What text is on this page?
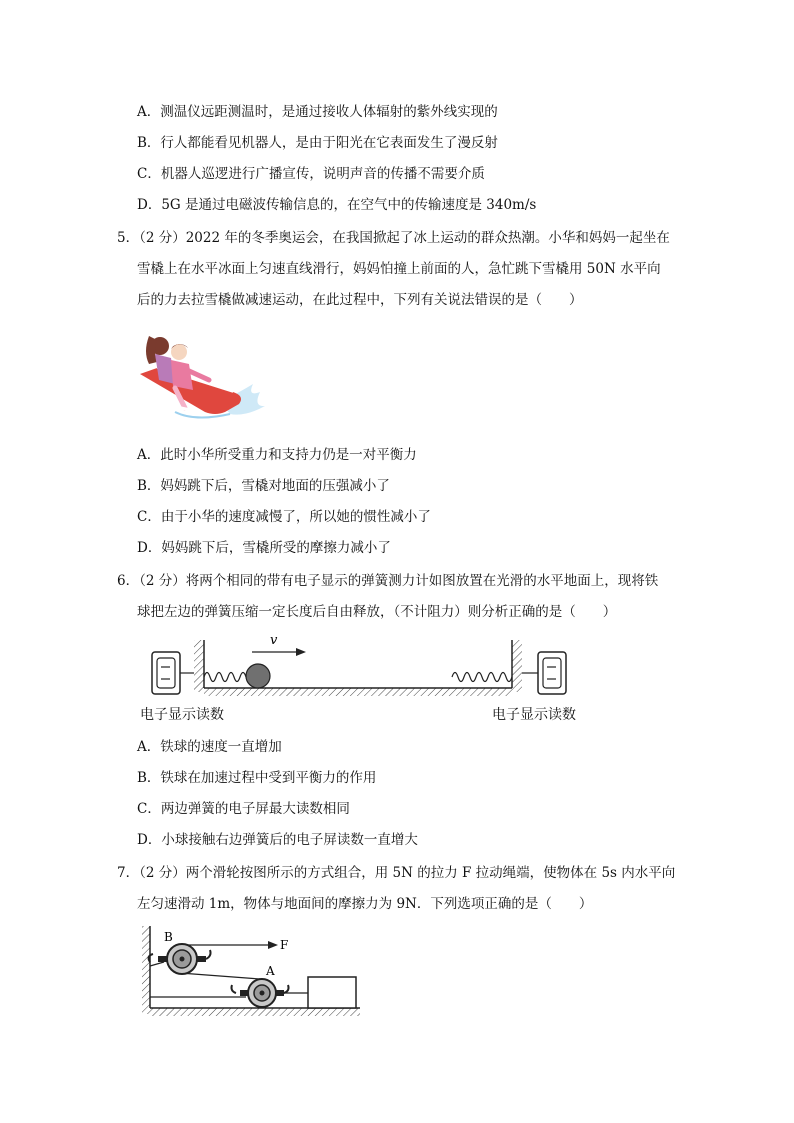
A．测温仪远距测温时，是通过接收人体辐射的紫外线实现的
B．行人都能看见机器人，是由于阳光在它表面发生了漫反射
C．机器人巡逻进行广播宣传，说明声音的传播不需要介质
D．5G 是通过电磁波传输信息的，在空气中的传输速度是 340m/s
5．（2 分）2022 年的冬季奥运会，在我国掀起了冰上运动的群众热潮。小华和妈妈一起坐在
雪橇上在水平冰面上匀速直线滑行，妈妈怕撞上前面的人，急忙跳下雪橇用 50N 水平向
后的力去拉雪橇做减速运动，在此过程中，下列有关说法错误的是（　　）
A．此时小华所受重力和支持力仍是一对平衡力
B．妈妈跳下后，雪橇对地面的压强减小了
C．由于小华的速度减慢了，所以她的惯性减小了
D．妈妈跳下后，雪橇所受的摩擦力减小了
6．（2 分）将两个相同的带有电子显示的弹簧测力计如图放置在光滑的水平地面上，现将铁
球把左边的弹簧压缩一定长度后自由释放，（不计阻力）则分析正确的是（　　）
v
电子显示读数	电子显示读数
A．铁球的速度一直增加
B．铁球在加速过程中受到平衡力的作用
C．两边弹簧的电子屏最大读数相同
D．小球接触右边弹簧后的电子屏读数一直增大
7．（2 分）两个滑轮按图所示的方式组合，用 5N 的拉力 F 拉动绳端，使物体在 5s 内水平向
左匀速滑动 1m，物体与地面间的摩擦力为 9N．下列选项正确的是（　　）
B
A
F
